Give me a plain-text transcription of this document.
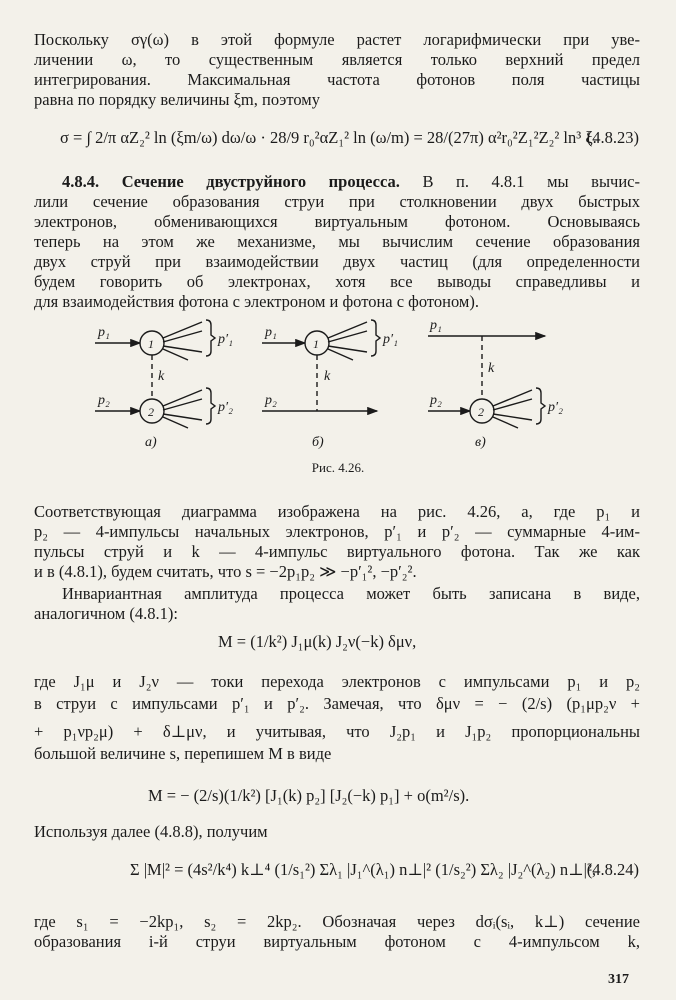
Поскольку σγ(ω) в этой формуле растет логарифмически при уве-
личении ω, то существенным является только верхний предел
интегрирования. Максимальная частота фотонов поля частицы
равна по порядку величины ξm, поэтому
σ = ∫ 2/π αZ₂² ln (ξm/ω) dω/ω · 28/9 r₀²αZ₁² ln (ω/m) = 28/(27π) α²r₀²Z₁²Z₂² ln³ ξ.
(4.8.23)
4.8.4. Сечение двуструйного процесса. В п. 4.8.1 мы вычис-
лили сечение образования струи при столкновении двух быстрых
электронов, обменивающихся виртуальным фотоном. Основываясь
теперь на этом же механизме, мы вычислим сечение образования
двух струй при взаимодействии двух частиц (для определенности
будем говорить об электронах, хотя все выводы справедливы и
для взаимодействия фотона с электроном и фотона с фотоном).
p₁
1	p′₁
k
p₂
2	p′₂
а)
p₁
1	p′₁
k
p₂
б)
p₁
k
p₂
2	p′₂
в)
Рис. 4.26.
Соответствующая диаграмма изображена на рис. 4.26, а, где p₁ и
p₂ — 4-импульсы начальных электронов, p′₁ и p′₂ — суммарные 4-им-
пульсы струй и k — 4-импульс виртуального фотона. Так же как
и в (4.8.1), будем считать, что s = −2p₁p₂ ≫ −p′₁², −p′₂².
Инвариантная амплитуда процесса может быть записана в виде,
аналогичном (4.8.1):
M = (1/k²) J₁μ(k) J₂ν(−k) δμν,
где J₁μ и J₂ν — токи перехода электронов с импульсами p₁ и p₂
в струи с импульсами p′₁ и p′₂. Замечая, что δμν = − (2/s) (p₁μp₂ν +
+ p₁νp₂μ) + δ⊥μν, и учитывая, что J₂p₁ и J₁p₂ пропорциональны
большой величине s, перепишем M в виде
M = − (2/s)(1/k²) [J₁(k) p₂] [J₂(−k) p₁] + o(m²/s).
Используя далее (4.8.8), получим
Σ |M|² = (4s²/k⁴) k⊥⁴ (1/s₁²) Σλ₁ |J₁^(λ₁) n⊥|² (1/s₂²) Σλ₂ |J₂^(λ₂) n⊥|²,
(4.8.24)
где s₁ = −2kp₁, s₂ = 2kp₂. Обозначая через dσᵢ(sᵢ, k⊥) сечение
образования i-й струи виртуальным фотоном с 4-импульсом k,
317
